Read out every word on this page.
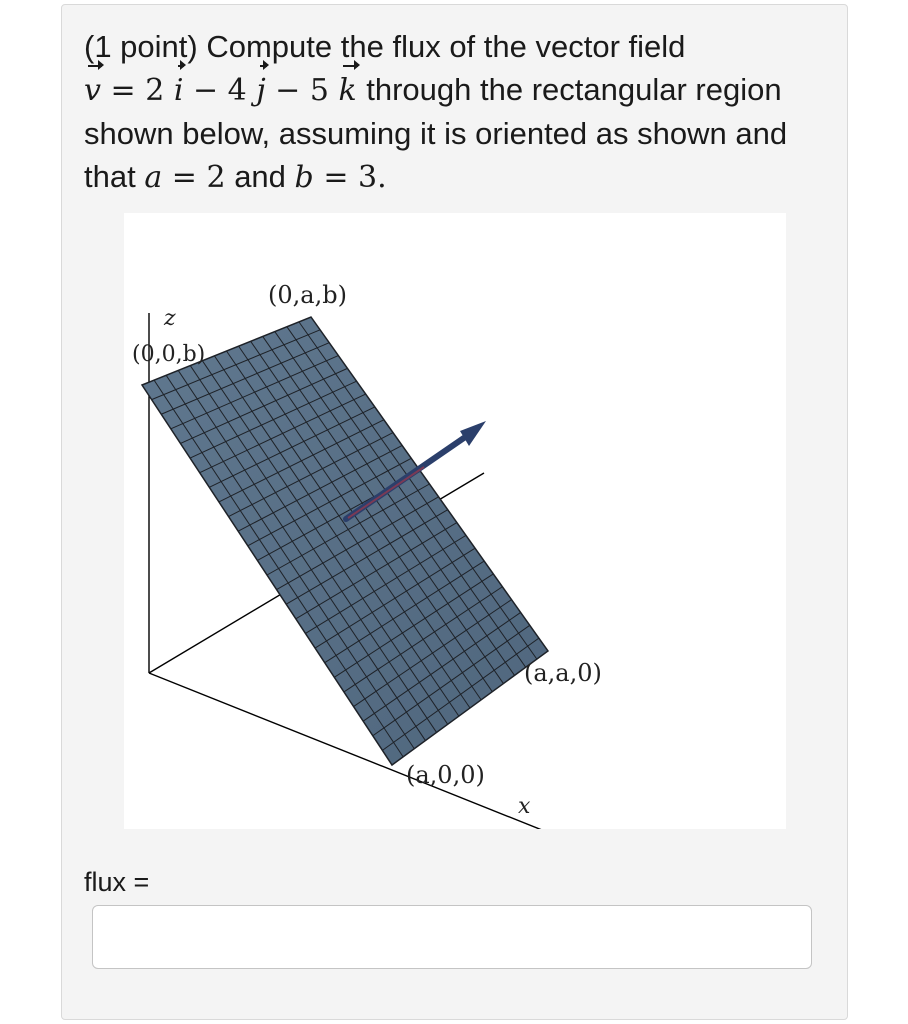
(1 point) Compute the flux of the vector field
v = 2 i − 4 j − 5 k through the rectangular region shown below, assuming it is oriented as shown and that a = 2 and b = 3.
z
(0,0,b)
(0,a,b)
(a,a,0)
(a,0,0)
x
flux =
